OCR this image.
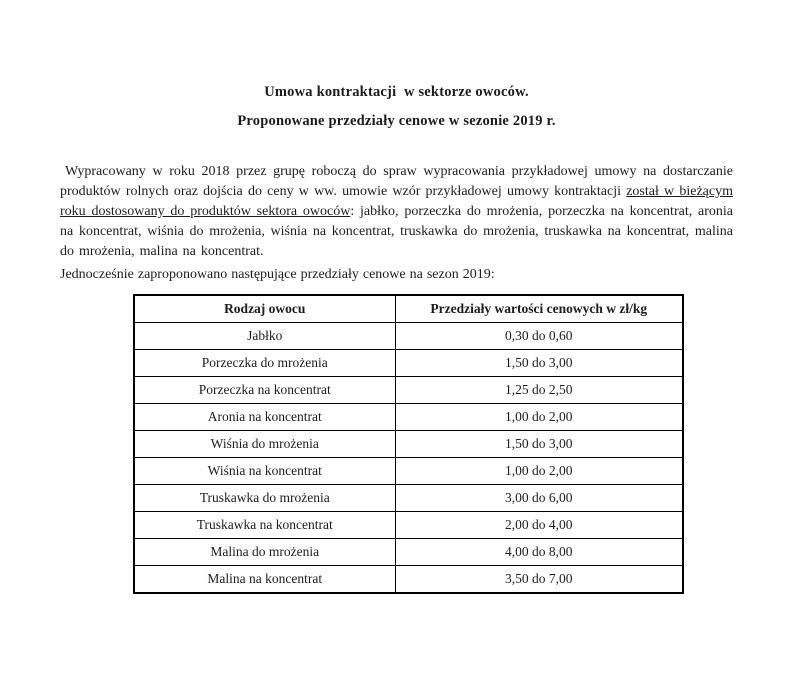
Umowa kontraktacji  w sektorze owoców.

Proponowane przedziały cenowe w sezonie 2019 r.

Wypracowany w roku 2018 przez grupę roboczą do spraw wypracowania przykładowej umowy na dostarczanie produktów rolnych oraz dojścia do ceny w ww. umowie wzór przykładowej umowy kontraktacji został w bieżącym roku dostosowany do produktów sektora owoców: jabłko, porzeczka do mrożenia, porzeczka na koncentrat, aronia na koncentrat, wiśnia do mrożenia, wiśnia na koncentrat, truskawka do mrożenia, truskawka na koncentrat, malina do mrożenia, malina na koncentrat.

Jednocześnie zaproponowano następujące przedziały cenowe na sezon 2019:

Rodzaj owocu	Przedziały wartości cenowych w zł/kg
Jabłko	0,30 do 0,60
Porzeczka do mrożenia	1,50 do 3,00
Porzeczka na koncentrat	1,25 do 2,50
Aronia na koncentrat	1,00 do 2,00
Wiśnia do mrożenia	1,50 do 3,00
Wiśnia na koncentrat	1,00 do 2,00
Truskawka do mrożenia	3,00 do 6,00
Truskawka na koncentrat	2,00 do 4,00
Malina do mrożenia	4,00 do 8,00
Malina na koncentrat	3,50 do 7,00
